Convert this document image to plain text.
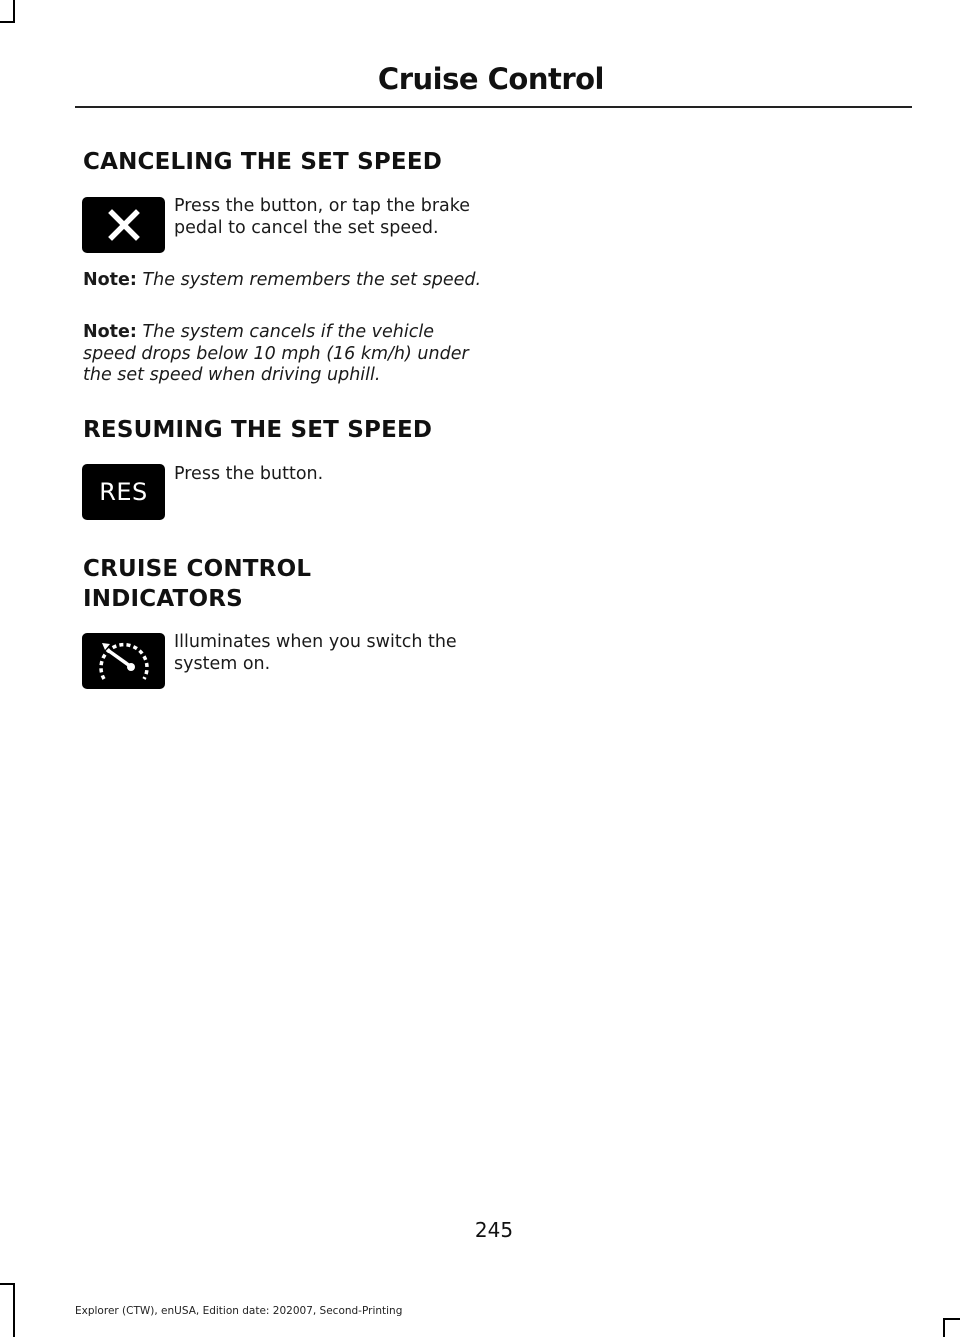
Cruise Control
CANCELING THE SET SPEED

Press the button, or tap the brake pedal to cancel the set speed.

Note: The system remembers the set speed.

Note: The system cancels if the vehicle speed drops below 10 mph (16 km/h) under the set speed when driving uphill.

RESUMING THE SET SPEED
RES

Press the button.

CRUISE CONTROL
INDICATORS

Illuminates when you switch the system on.

245
Explorer (CTW), enUSA, Edition date: 202007, Second-Printing
